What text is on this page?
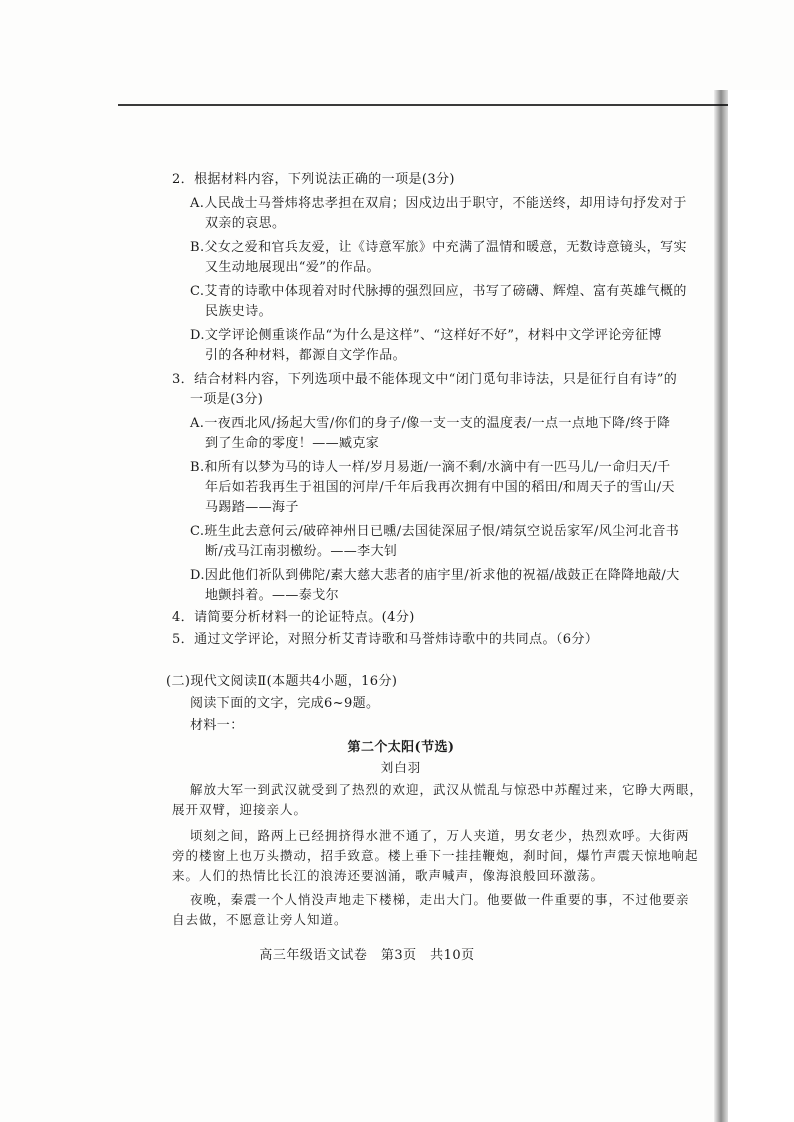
2．根据材料内容，下列说法正确的一项是(3分)
A.人民战士马誉炜将忠孝担在双肩；因戍边出于职守，不能送终，却用诗句抒发对于
双亲的哀思。
B.父女之爱和官兵友爱，让《诗意军旅》中充满了温情和暖意，无数诗意镜头，写实
又生动地展现出“爱”的作品。
C.艾青的诗歌中体现着对时代脉搏的强烈回应，书写了磅礴、辉煌、富有英雄气概的
民族史诗。
D.文学评论侧重谈作品“为什么是这样”、“这样好不好”，材料中文学评论旁征博
引的各种材料，都源自文学作品。
3．结合材料内容，下列选项中最不能体现文中“闭门觅句非诗法，只是征行自有诗”的
一项是(3分)
A.一夜西北风/扬起大雪/你们的身子/像一支一支的温度表/一点一点地下降/终于降
到了生命的零度！——臧克家
B.和所有以梦为马的诗人一样/岁月易逝/一滴不剩/水滴中有一匹马儿/一命归天/千
年后如若我再生于祖国的河岸/千年后我再次拥有中国的稻田/和周天子的雪山/天
马踢踏——海子
C.班生此去意何云/破碎神州日已曛/去国徒深屈子恨/靖氛空说岳家军/风尘河北音书
断/戎马江南羽檄纷。——李大钊
D.因此他们祈队到佛陀/素大慈大悲者的庙宇里/祈求他的祝福/战鼓正在降降地敲/大
地颤抖着。——泰戈尔
4．请简要分析材料一的论证特点。(4分)
5．通过文学评论，对照分析艾青诗歌和马誉炜诗歌中的共同点。（6分）
(二)现代文阅读Ⅱ(本题共4小题，16分)
阅读下面的文字，完成6~9题。
材料一：
第二个太阳(节选)
刘白羽
解放大军一到武汉就受到了热烈的欢迎，武汉从慌乱与惊恐中苏醒过来，它睁大两眼，
展开双臂，迎接亲人。
顷刻之间，路两上已经拥挤得水泄不通了，万人夹道，男女老少，热烈欢呼。大街两
旁的楼窗上也万头攒动，招手致意。楼上垂下一挂挂鞭炮，刹时间，爆竹声震天惊地响起
来。人们的热情比长江的浪涛还要汹涌，歌声喊声，像海浪般回环激荡。
夜晚，秦震一个人悄没声地走下楼梯，走出大门。他要做一件重要的事，不过他要亲
自去做，不愿意让旁人知道。
高三年级语文试卷　第3页　共10页
